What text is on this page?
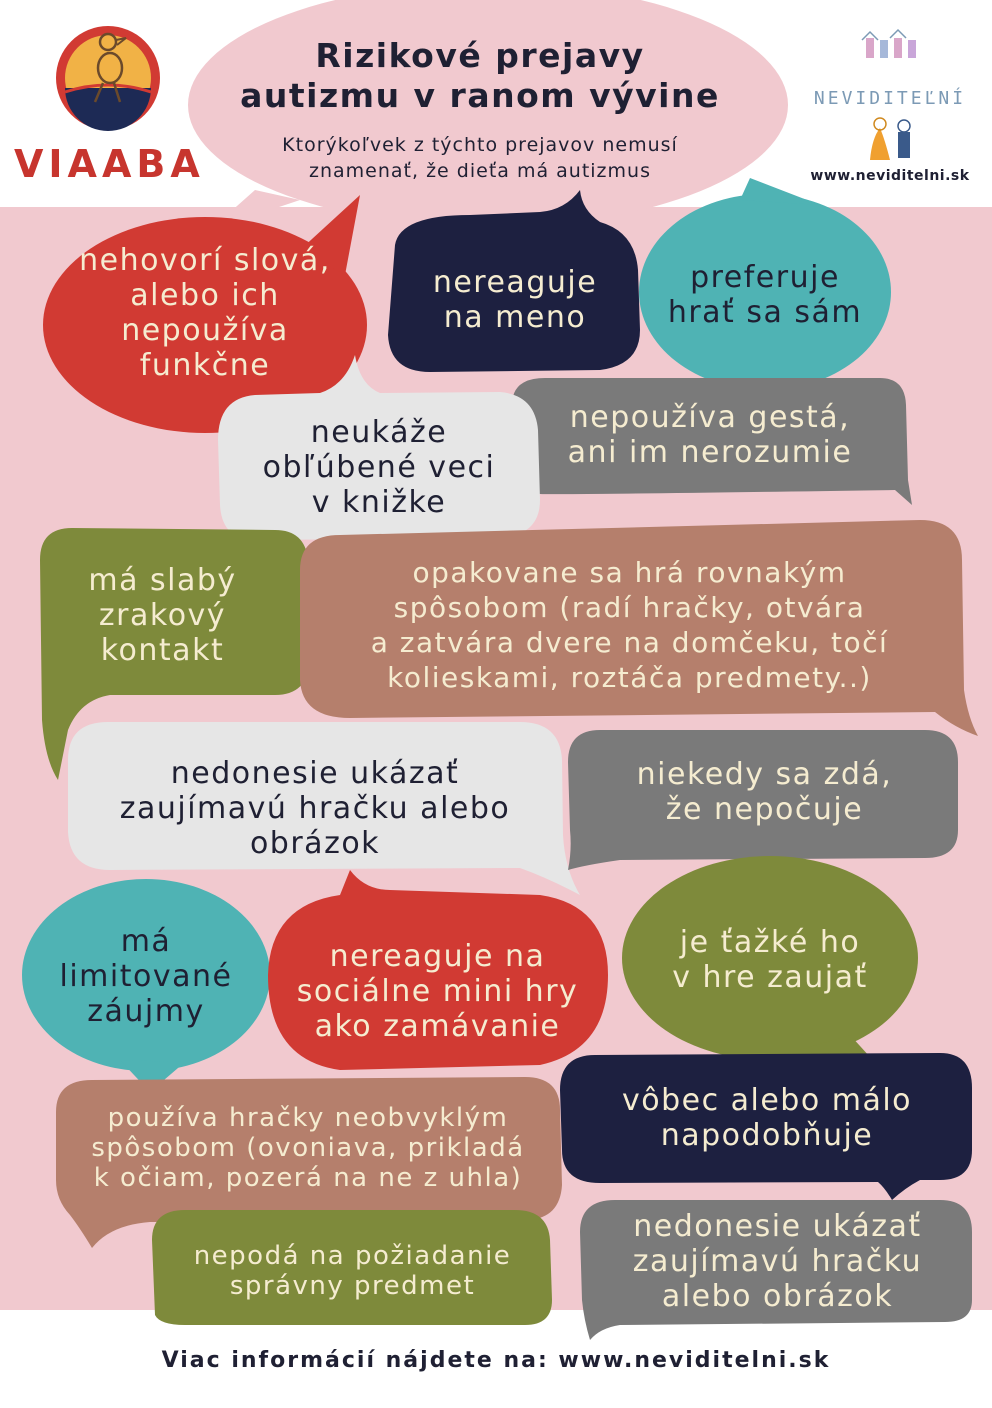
Rizikové prejavy
autizmu v ranom vývine
Ktorýkoľvek z týchto prejavov nemusí
znamenať, že dieťa má autizmus
VIAABA
NEVIDITEĽNÍ
www.neviditelni.sk
nehovorí slová,
alebo ich
nepoužíva
funkčne
nereaguje
na meno
preferuje
hrať sa sám
neukáže
obľúbené veci
v knižke
nepoužíva gestá,
ani im nerozumie
má slabý
zrakový
kontakt
opakovane sa hrá rovnakým
spôsobom (radí hračky, otvára
a zatvára dvere na domčeku, točí
kolieskami, roztáča predmety..)
nedonesie ukázať
zaujímavú hračku alebo
obrázok
niekedy sa zdá,
že nepočuje
má
limitované
záujmy
nereaguje na
sociálne mini hry
ako zamávanie
je ťažké ho
v hre zaujať
používa hračky neobvyklým
spôsobom (ovoniava, prikladá
k očiam, pozerá na ne z uhla)
vôbec alebo málo
napodobňuje
nepodá na požiadanie
správny predmet
nedonesie ukázať
zaujímavú hračku
alebo obrázok
Viac informácií nájdete na: www.neviditelni.sk
